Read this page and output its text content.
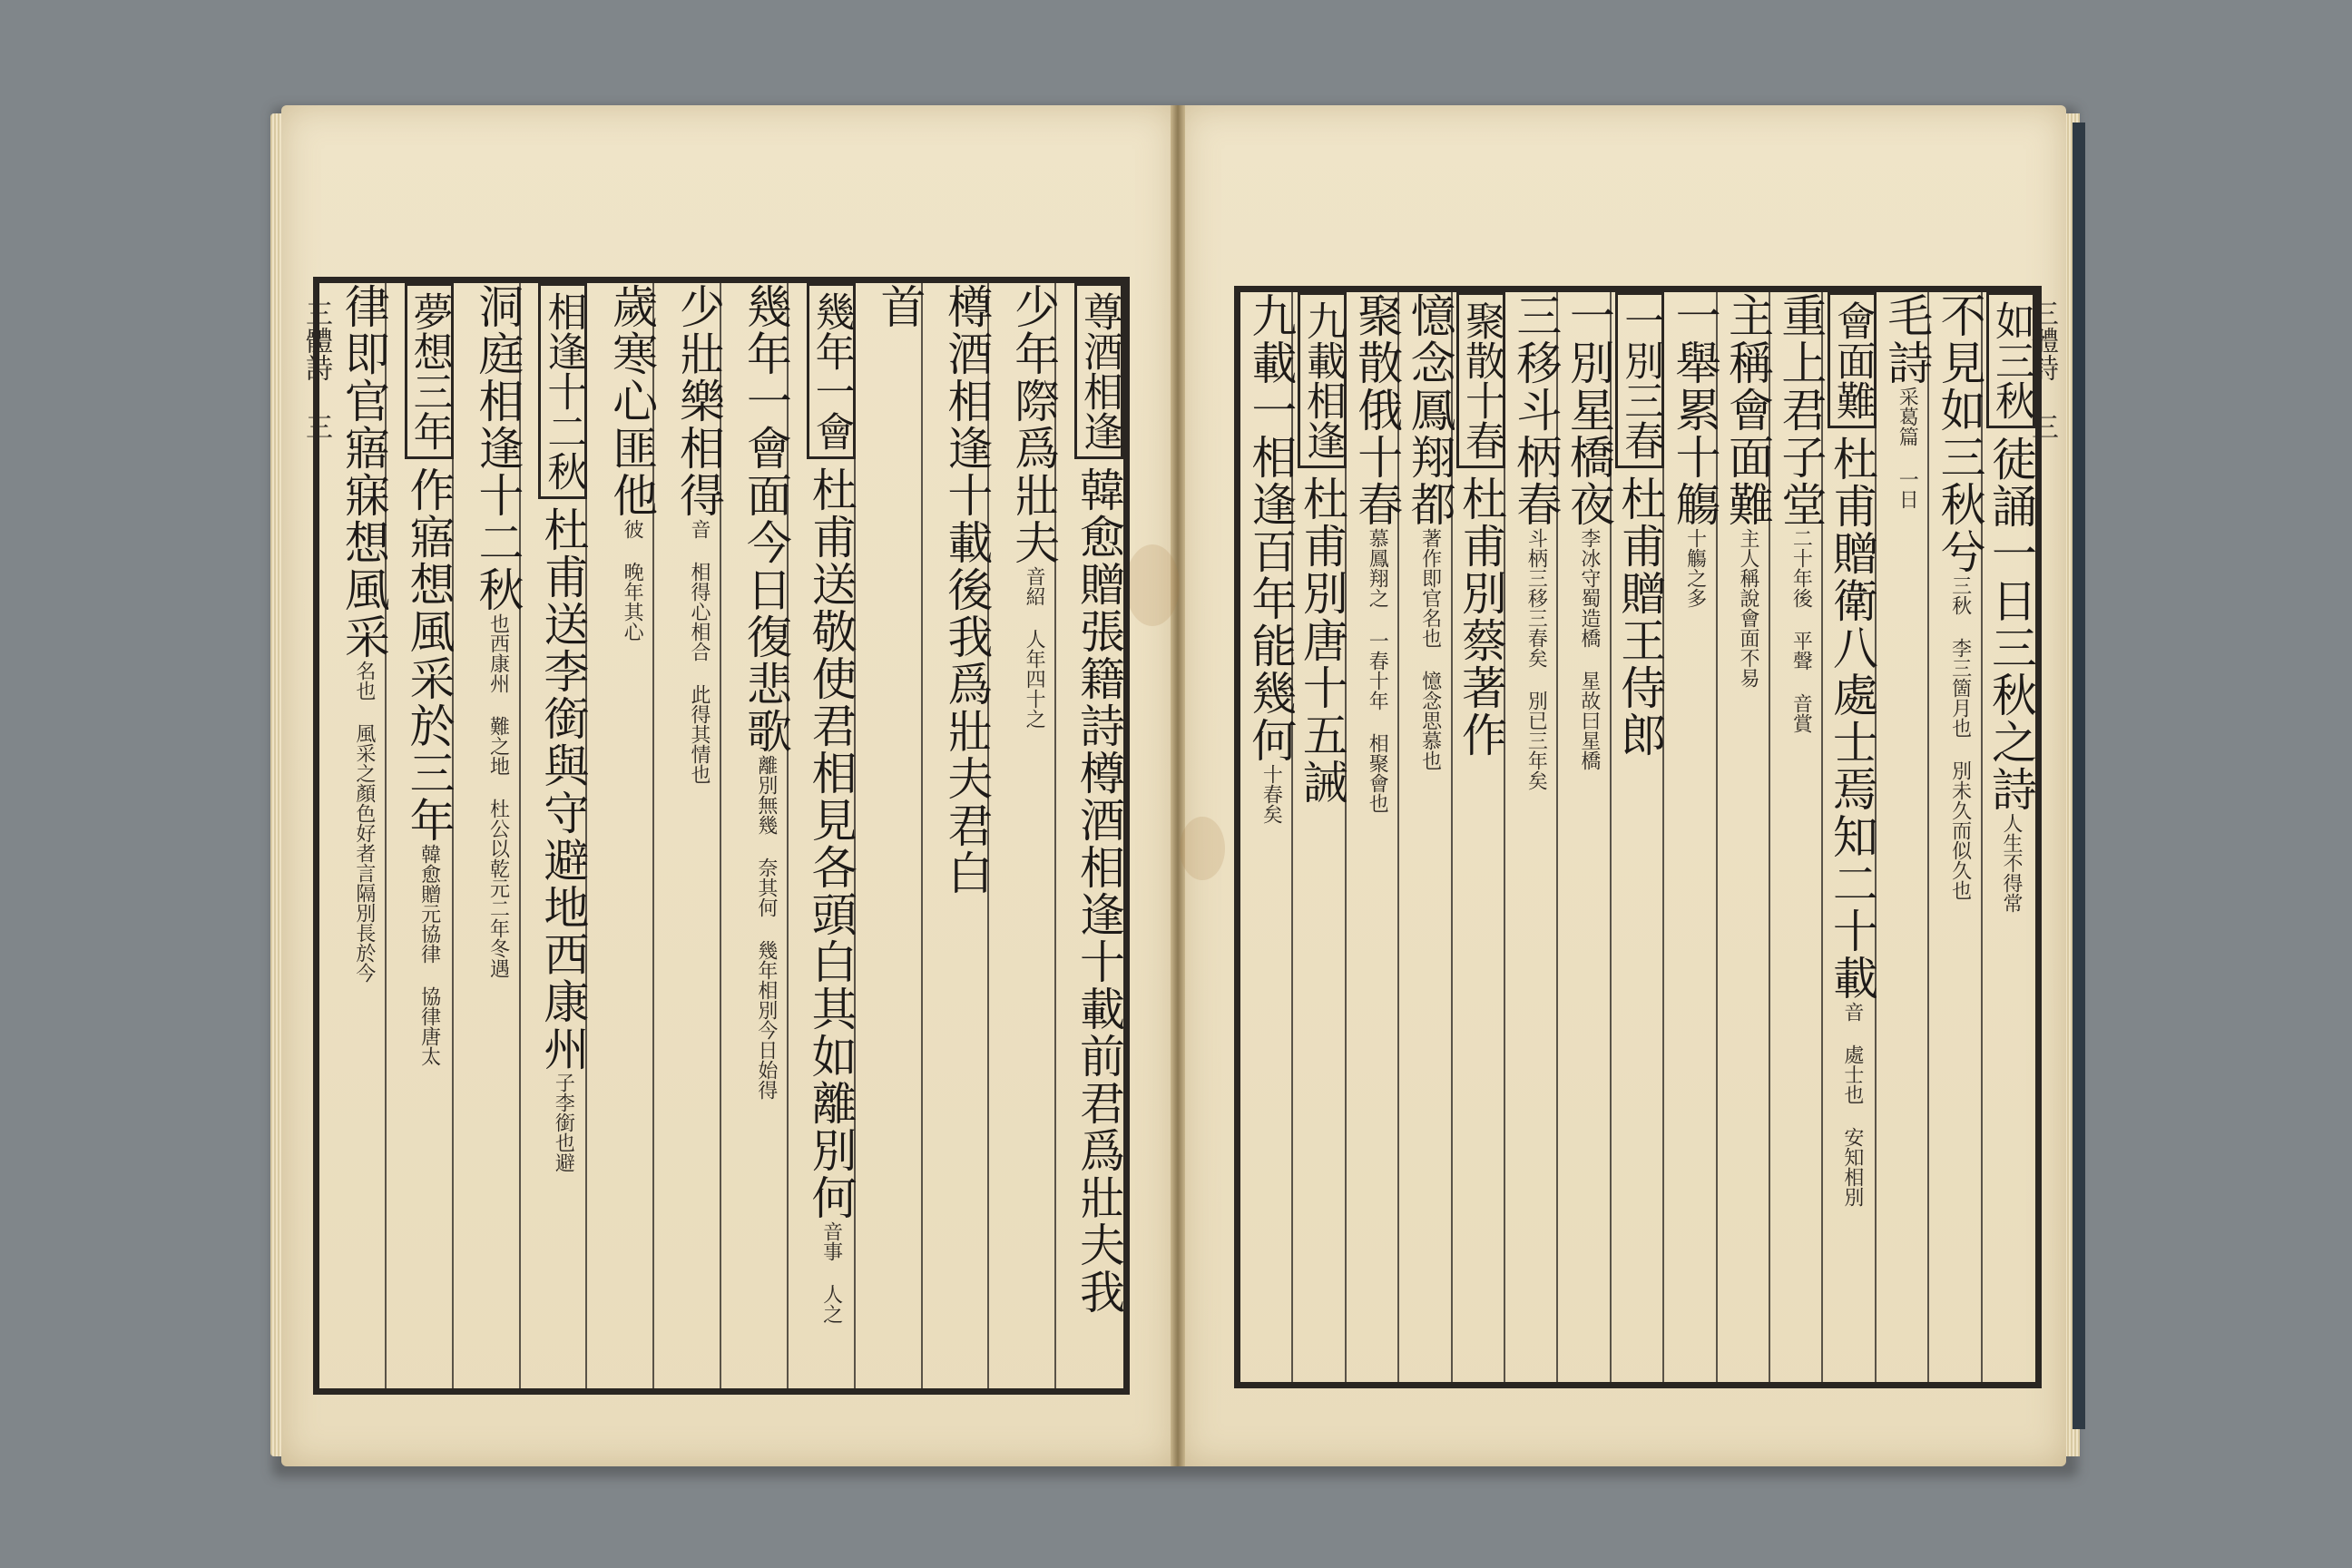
三體詩 三	三體詩 三
尊酒相逢韓愈贈張籍詩樽酒相逢十載前君爲壯夫我
少年際爲壯夫音紹 人年四十之
樽酒相逢十載後我爲壯夫君白
首
幾年一會杜甫送敬使君相見各頭白其如離別何音事 人之
幾年一會面今日復悲歌離別無幾 奈其何 幾年相別今日始得
少壯樂相得音 相得心相合 此得其情也
歲寒心匪他彼 晚年其心
相逢十二秋杜甫送李銜與守避地西康州子李銜也避
洞庭相逢十二秋也西康州 難之地 杜公以乾元二年冬遇
夢想三年作寤想風采於三年韓愈贈元協律 協律唐太
律即官寤寐想風采名也 風采之顏色好者言隔別長於今
如三秋徒誦一日三秋之詩人生不得常
不見如三秋兮三秋 李三箇月也 別未久而似久也
毛詩采葛篇 一日
會面難杜甫贈衛八處士焉知二十載音 處士也 安知相別
重上君子堂二十年後 平聲 音賞
主稱會面難主人稱說會面不易
一舉累十觴十觴之多
一別三春杜甫贈王侍郎
一別星橋夜李冰守蜀造橋 星故曰星橋
三移斗柄春斗柄三移三春矣 別已三年矣
聚散十春杜甫別蔡著作
憶念鳳翔都著作即官名也 憶念思慕也
聚散俄十春慕鳳翔之 一春十年 相聚會也
九載相逢杜甫別唐十五誡
九載一相逢百年能幾何十春矣
